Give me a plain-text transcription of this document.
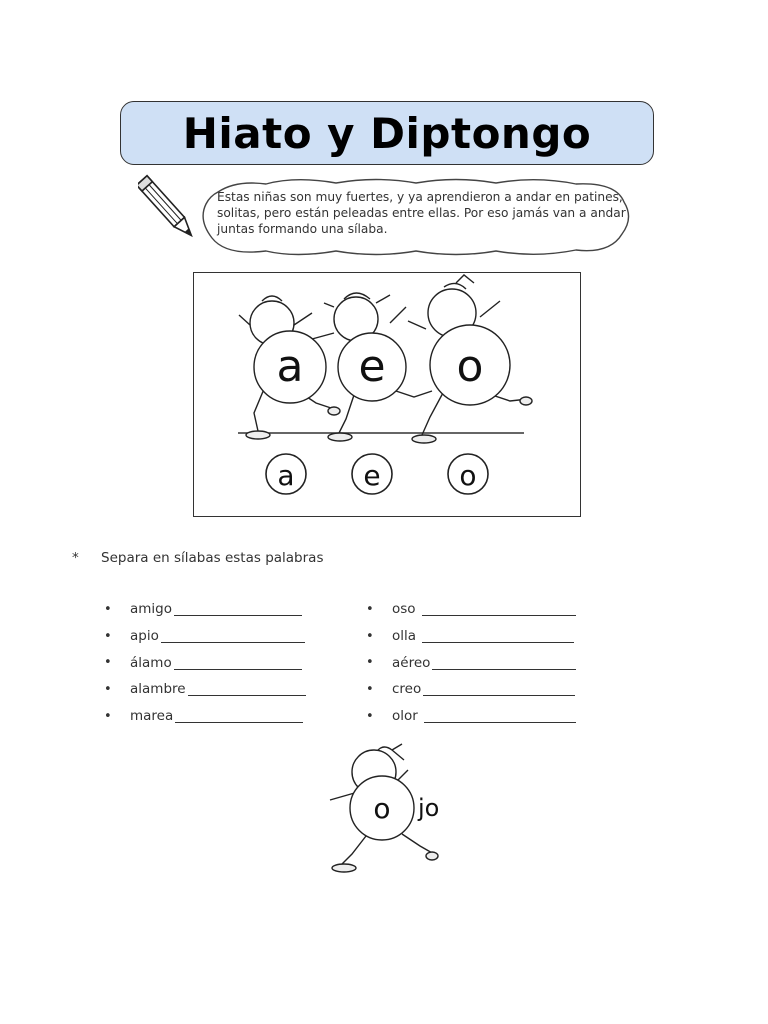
Hiato y Diptongo
Estas niñas son muy fuertes, y ya aprendieron a andar en patines, solitas, pero están peleadas entre ellas. Por eso jamás van a andar juntas formando una sílaba.
a e o
a e	o
* Separa en sílabas estas palabras
•	amigo
•	apio
•	álamo
•	alambre
•	marea
•	oso
•	olla
•	aéreo
•	creo
•	olor
o jo
